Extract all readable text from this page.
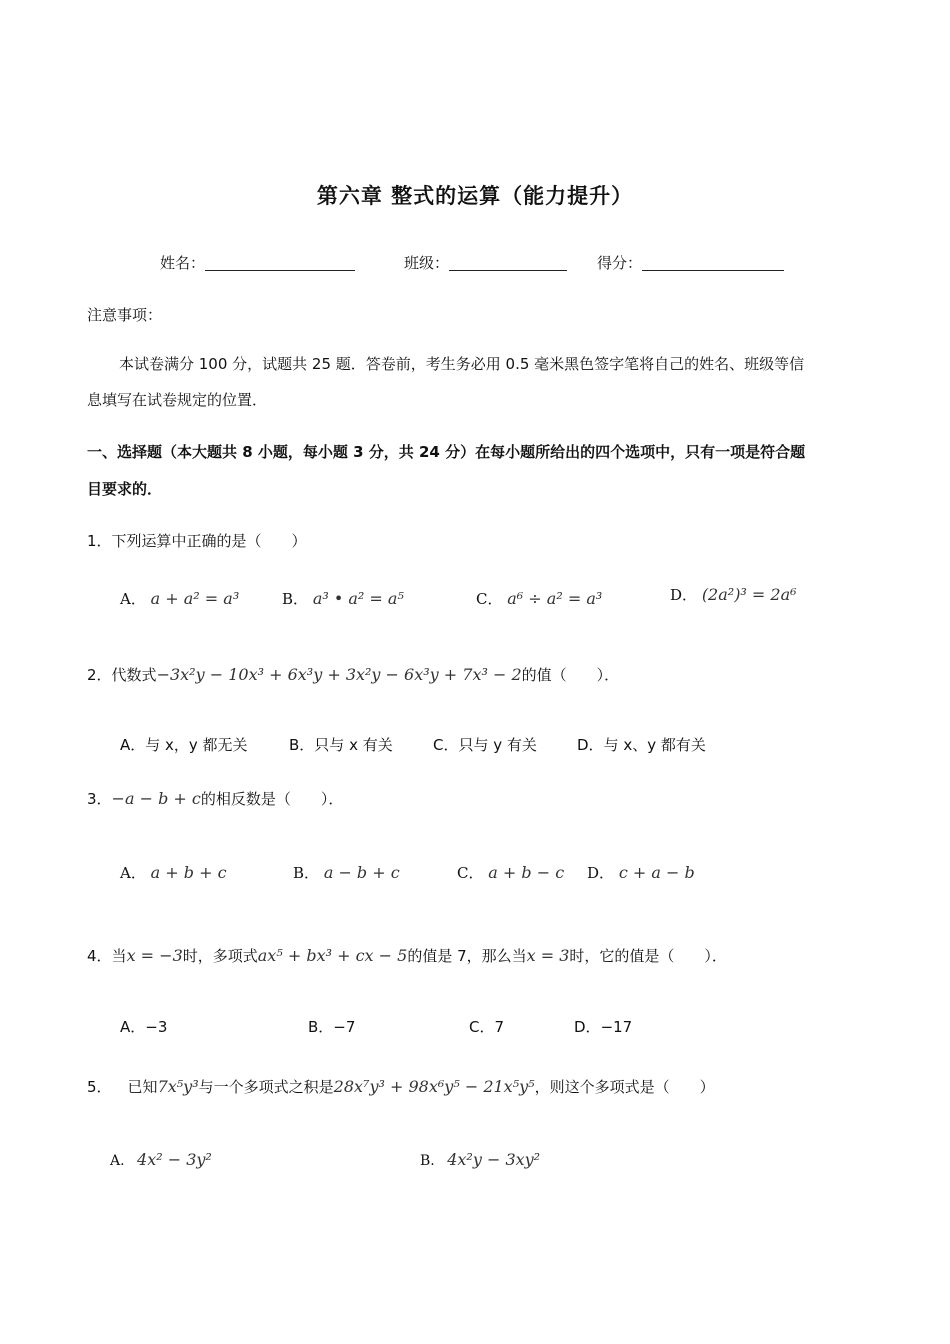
第六章 整式的运算（能力提升）
姓名：	班级：	得分：
注意事项：
本试卷满分 100 分，试题共 25 题．答卷前，考生务必用 0.5 毫米黑色签字笔将自己的姓名、班级等信
息填写在试卷规定的位置．
一、选择题（本大题共 8 小题，每小题 3 分，共 24 分）在每小题所给出的四个选项中，只有一项是符合题
目要求的．
1．下列运算中正确的是（　　）
A． a + a² = a³	B． a³ • a² = a⁵	C． a⁶ ÷ a² = a³	D． (2a²)³ = 2a⁶
2．代数式−3x²y − 10x³ + 6x³y + 3x²y − 6x³y + 7x³ − 2的值（　　）．
A．与 x，y 都无关	B．只与 x 有关	C．只与 y 有关	D．与 x、y 都有关
3．−a − b + c的相反数是（　　）．
A． a + b + c	B． a − b + c	C． a + b − c D． c + a − b
4．当x = −3时，多项式ax⁵ + bx³ + cx − 5的值是 7，那么当x = 3时，它的值是（　　）．
A．−3	B．−7	C．7	D．−17
5． 已知7x⁵y³与一个多项式之积是28x⁷y³ + 98x⁶y⁵ − 21x⁵y⁵，则这个多项式是（　　）
A. 4x² − 3y²	B. 4x²y − 3xy²
